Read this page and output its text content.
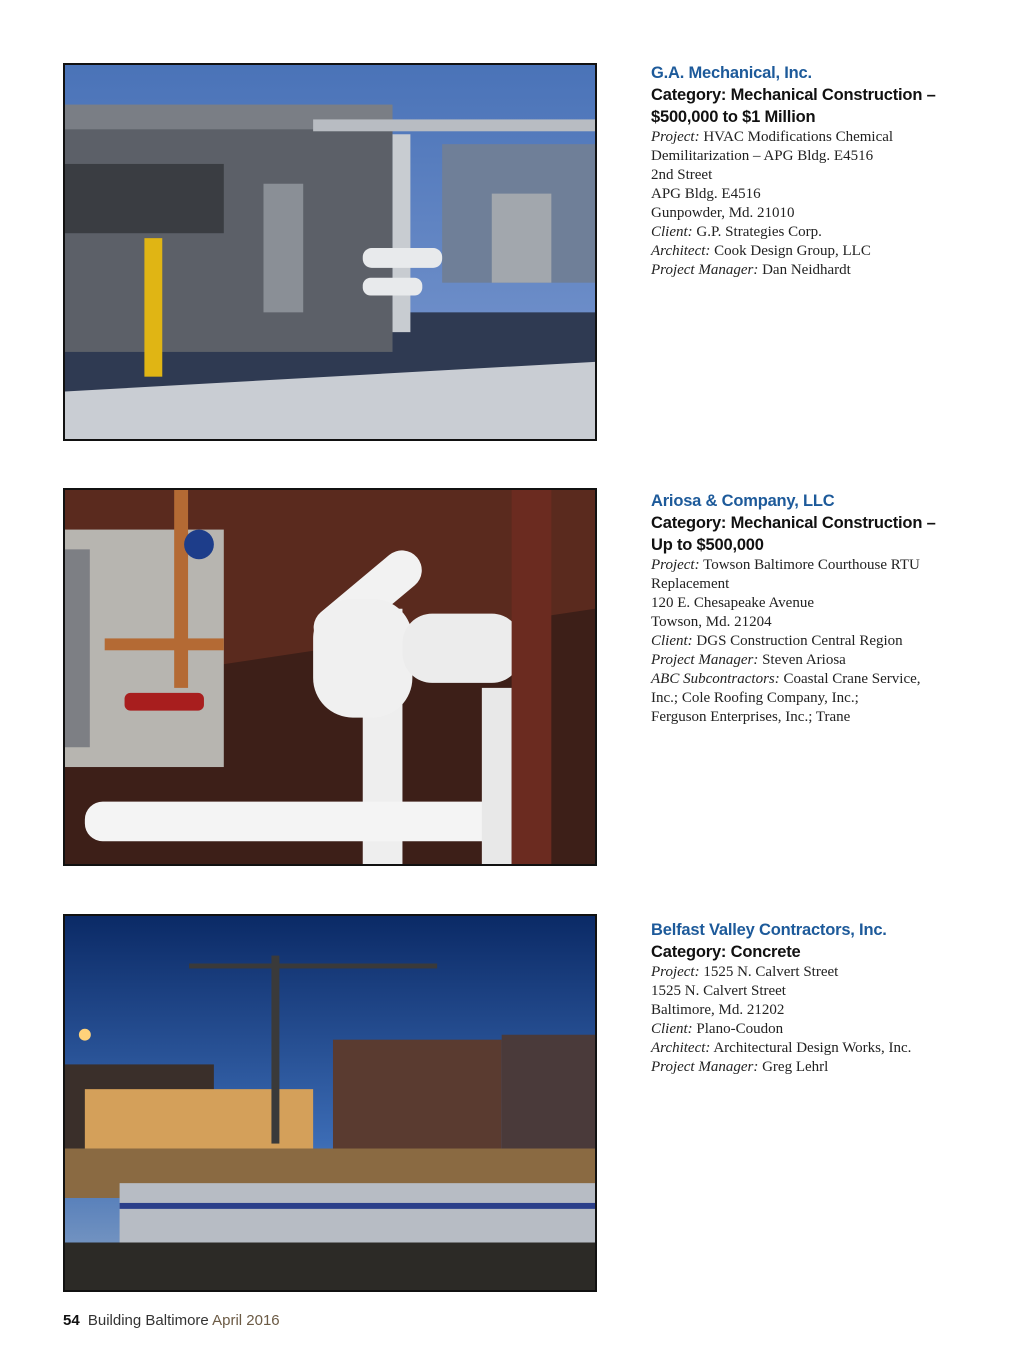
G.A. Mechanical, Inc.
Category: Mechanical Construction –
$500,000 to $1 Million
Project: HVAC Modifications Chemical
Demilitarization – APG Bldg. E4516
2nd Street
APG Bldg. E4516
Gunpowder, Md. 21010
Client: G.P. Strategies Corp.
Architect: Cook Design Group, LLC
Project Manager: Dan Neidhardt
Ariosa & Company, LLC
Category: Mechanical Construction –
Up to $500,000
Project: Towson Baltimore Courthouse RTU
Replacement
120 E. Chesapeake Avenue
Towson, Md. 21204
Client: DGS Construction Central Region
Project Manager: Steven Ariosa
ABC Subcontractors: Coastal Crane Service,
Inc.; Cole Roofing Company, Inc.;
Ferguson Enterprises, Inc.; Trane
Belfast Valley Contractors, Inc.
Category: Concrete
Project: 1525 N. Calvert Street
1525 N. Calvert Street
Baltimore, Md. 21202
Client: Plano-Coudon
Architect: Architectural Design Works, Inc.
Project Manager: Greg Lehrl
54 Building Baltimore April 2016
